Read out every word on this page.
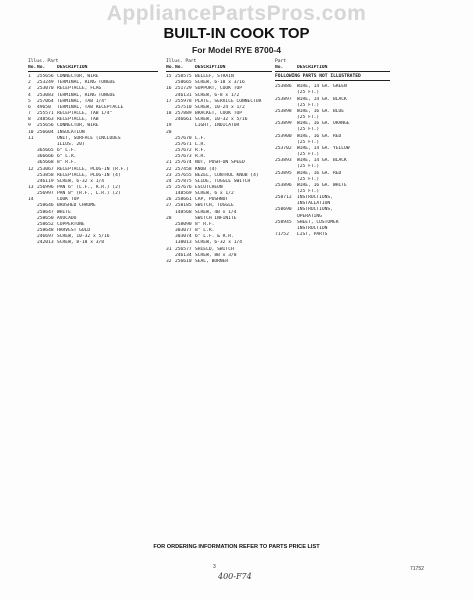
AppliancePartsPros.com
BUILT-IN COOK TOP
For Model RYE 8700-4
Illus. Part
No. No.	DESCRIPTION
1	255656 CONNECTOR, WIRE
2	253249 TERMINAL, RING TONGUE
3	253070 RECEPTACLE, FLAG
4	253083 TERMINAL, RING TONGUE
5	257064 TERMINAL, TAB 1/4"
6	49650	TERMINAL, TAB RECEPTACLE
7	255571 RECEPTACLE, TAB 1/4"
8	248563 RECEPTACLE, TAB
9	255656 CONNECTOR, WIRE
10 256604 INSULATION
11	UNIT, SURFACE (INCLUDES
ILLUS. 20)
365665 6" L.F.
366666 6" L.R.
365668 8" R.F.
12 253067 RECEPTACLE, PLUG-IN (R.F.)
253858 RECEPTACLE, PLUG-IN (4)
246119 SCREW, 6-32 x 1/4
13 256996 PAN 6" (L.F., R.R.) (2)
256997 PAN 8" (R.F., L.R.) (2)
14	COOK TOP
258646 BRUSHED CHROME
258647 WHITE
258650 AVOCADO
258652 COPPERTONE
258648 HARVEST GOLD
246697 SCREW, 10-32 x 5/16
242013 SCREW, 8-18 x 3/8
Illus. Part
No. No.	DESCRIPTION
15 258575 BELLEF, STRAIN
258665 SCREW, 6-18 x 3/16
16 251729 SUPPORT, COOK TOP
246131 SCREW, 6-8 x 1/2
17 255978 PLATE, SERVICE CONNECTOR
257510 SCREW, 10-24 x 1/2
18 257889 BRACKET, COOK TOP
246661 SCREW, 10-32 x 5/16
19	LIGHT, INDICATOR
20
257670 L.F.
257671 L.R.
257672 R.F.
257673 R.R.
21 257674 NUT, PUSH-ON SPEED
22 257458 KNOB (4)
23 257655 BEZEL, CONTROL KNOB (4)
24 257875 SLIDE, TOGGLE SWITCH
25 257676 ESCUTCHEON
148569 SCREW, 6 x 1/2
26 258661 CAP, PUSHNUT
27 258185 SWITCH, TOGGLE
148568 SCREW, 4B x 1/4
28	SWITCH INFINITE
258090 8" R.F.
303077 8" L.R.
303074 6" L.F. & R.R.
138013 SCREW, 6-32 x 1/4
31 256577 SHIELD, SWITCH
246134 SCREW, 8B x 3/8
32 256610 SEAL, BURNER
Part
No.	DESCRIPTION
FOLLOWING PARTS NOT ILLUSTRATED
253886	WIRE, 14 GA. GREEN
(25 FT.)
253897	WIRE, 14 GA. BLACK
(25 FT.)
253898	WIRE, 16 GA. BLUE
(25 FT.)
253899	WIRE, 16 GA. ORANGE
(25 FT.)
253900	WIRE, 16 GA. RED
(25 FT.)
253702	WIRE, 14 GA. YELLOW
(25 FT.)
253893	WIRE, 14 GA. BLACK
(25 FT.)
253895	WIRE, 16 GA. RED
(25 FT.)
253896	WIRE, 16 GA. WHITE
(25 FT.)
258712	INSTRUCTIONS,
INSTALLATION
258690	INSTRUCTIONS,
OPERATING
258945	SHEET, CUSTOMER
INSTRUCTION
71752	LIST, PARTS
FOR ORDERING INFORMATION REFER TO PARTS PRICE LIST
3	71752
400-F74
